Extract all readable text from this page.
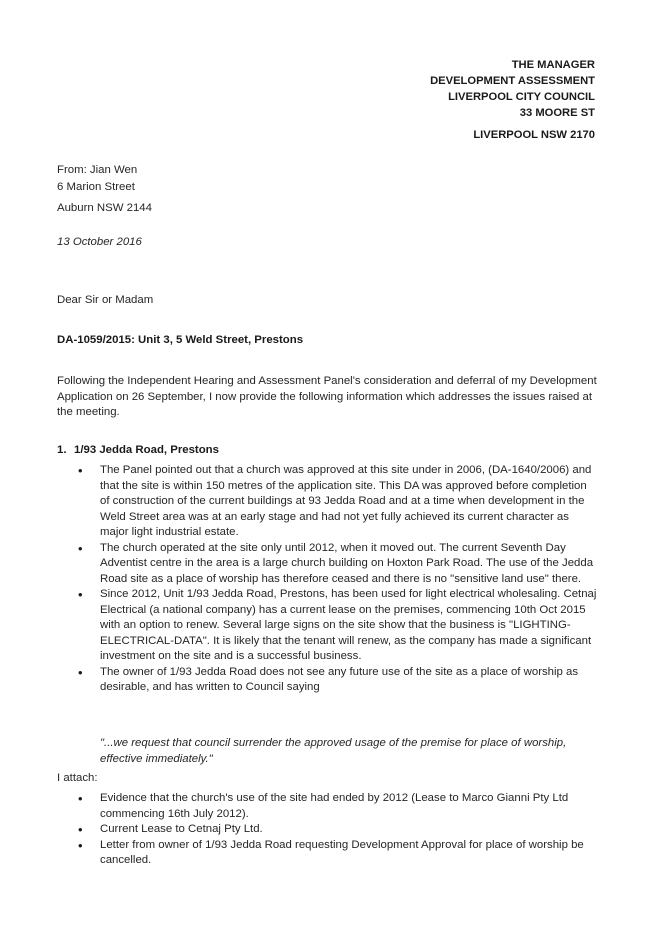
THE MANAGER
DEVELOPMENT ASSESSMENT
LIVERPOOL CITY COUNCIL
33 MOORE ST
LIVERPOOL NSW 2170
From: Jian Wen
6 Marion Street
Auburn NSW 2144
13 October 2016
Dear Sir or Madam
DA-1059/2015: Unit 3, 5 Weld Street, Prestons
Following the Independent Hearing and Assessment Panel's consideration and deferral of my Development Application on 26 September, I now provide the following information which addresses the issues raised at the meeting.
1. 1/93 Jedda Road, Prestons
• The Panel pointed out that a church was approved at this site under in 2006, (DA-1640/2006) and that the site is within 150 metres of the application site. This DA was approved before completion of construction of the current buildings at 93 Jedda Road and at a time when development in the Weld Street area was at an early stage and had not yet fully achieved its current character as major light industrial estate.
• The church operated at the site only until 2012, when it moved out. The current Seventh Day Adventist centre in the area is a large church building on Hoxton Park Road. The use of the Jedda Road site as a place of worship has therefore ceased and there is no "sensitive land use" there.
• Since 2012, Unit 1/93 Jedda Road, Prestons, has been used for light electrical wholesaling. Cetnaj Electrical (a national company) has a current lease on the premises, commencing 10th Oct 2015 with an option to renew. Several large signs on the site show that the business is "LIGHTING-ELECTRICAL-DATA". It is likely that the tenant will renew, as the company has made a significant investment on the site and is a successful business.
• The owner of 1/93 Jedda Road does not see any future use of the site as a place of worship as desirable, and has written to Council saying
"...we request that council surrender the approved usage of the premise for place of worship, effective immediately."
I attach:
• Evidence that the church's use of the site had ended by 2012 (Lease to Marco Gianni Pty Ltd commencing 16th July 2012).
• Current Lease to Cetnaj Pty Ltd.
• Letter from owner of 1/93 Jedda Road requesting Development Approval for place of worship be cancelled.
